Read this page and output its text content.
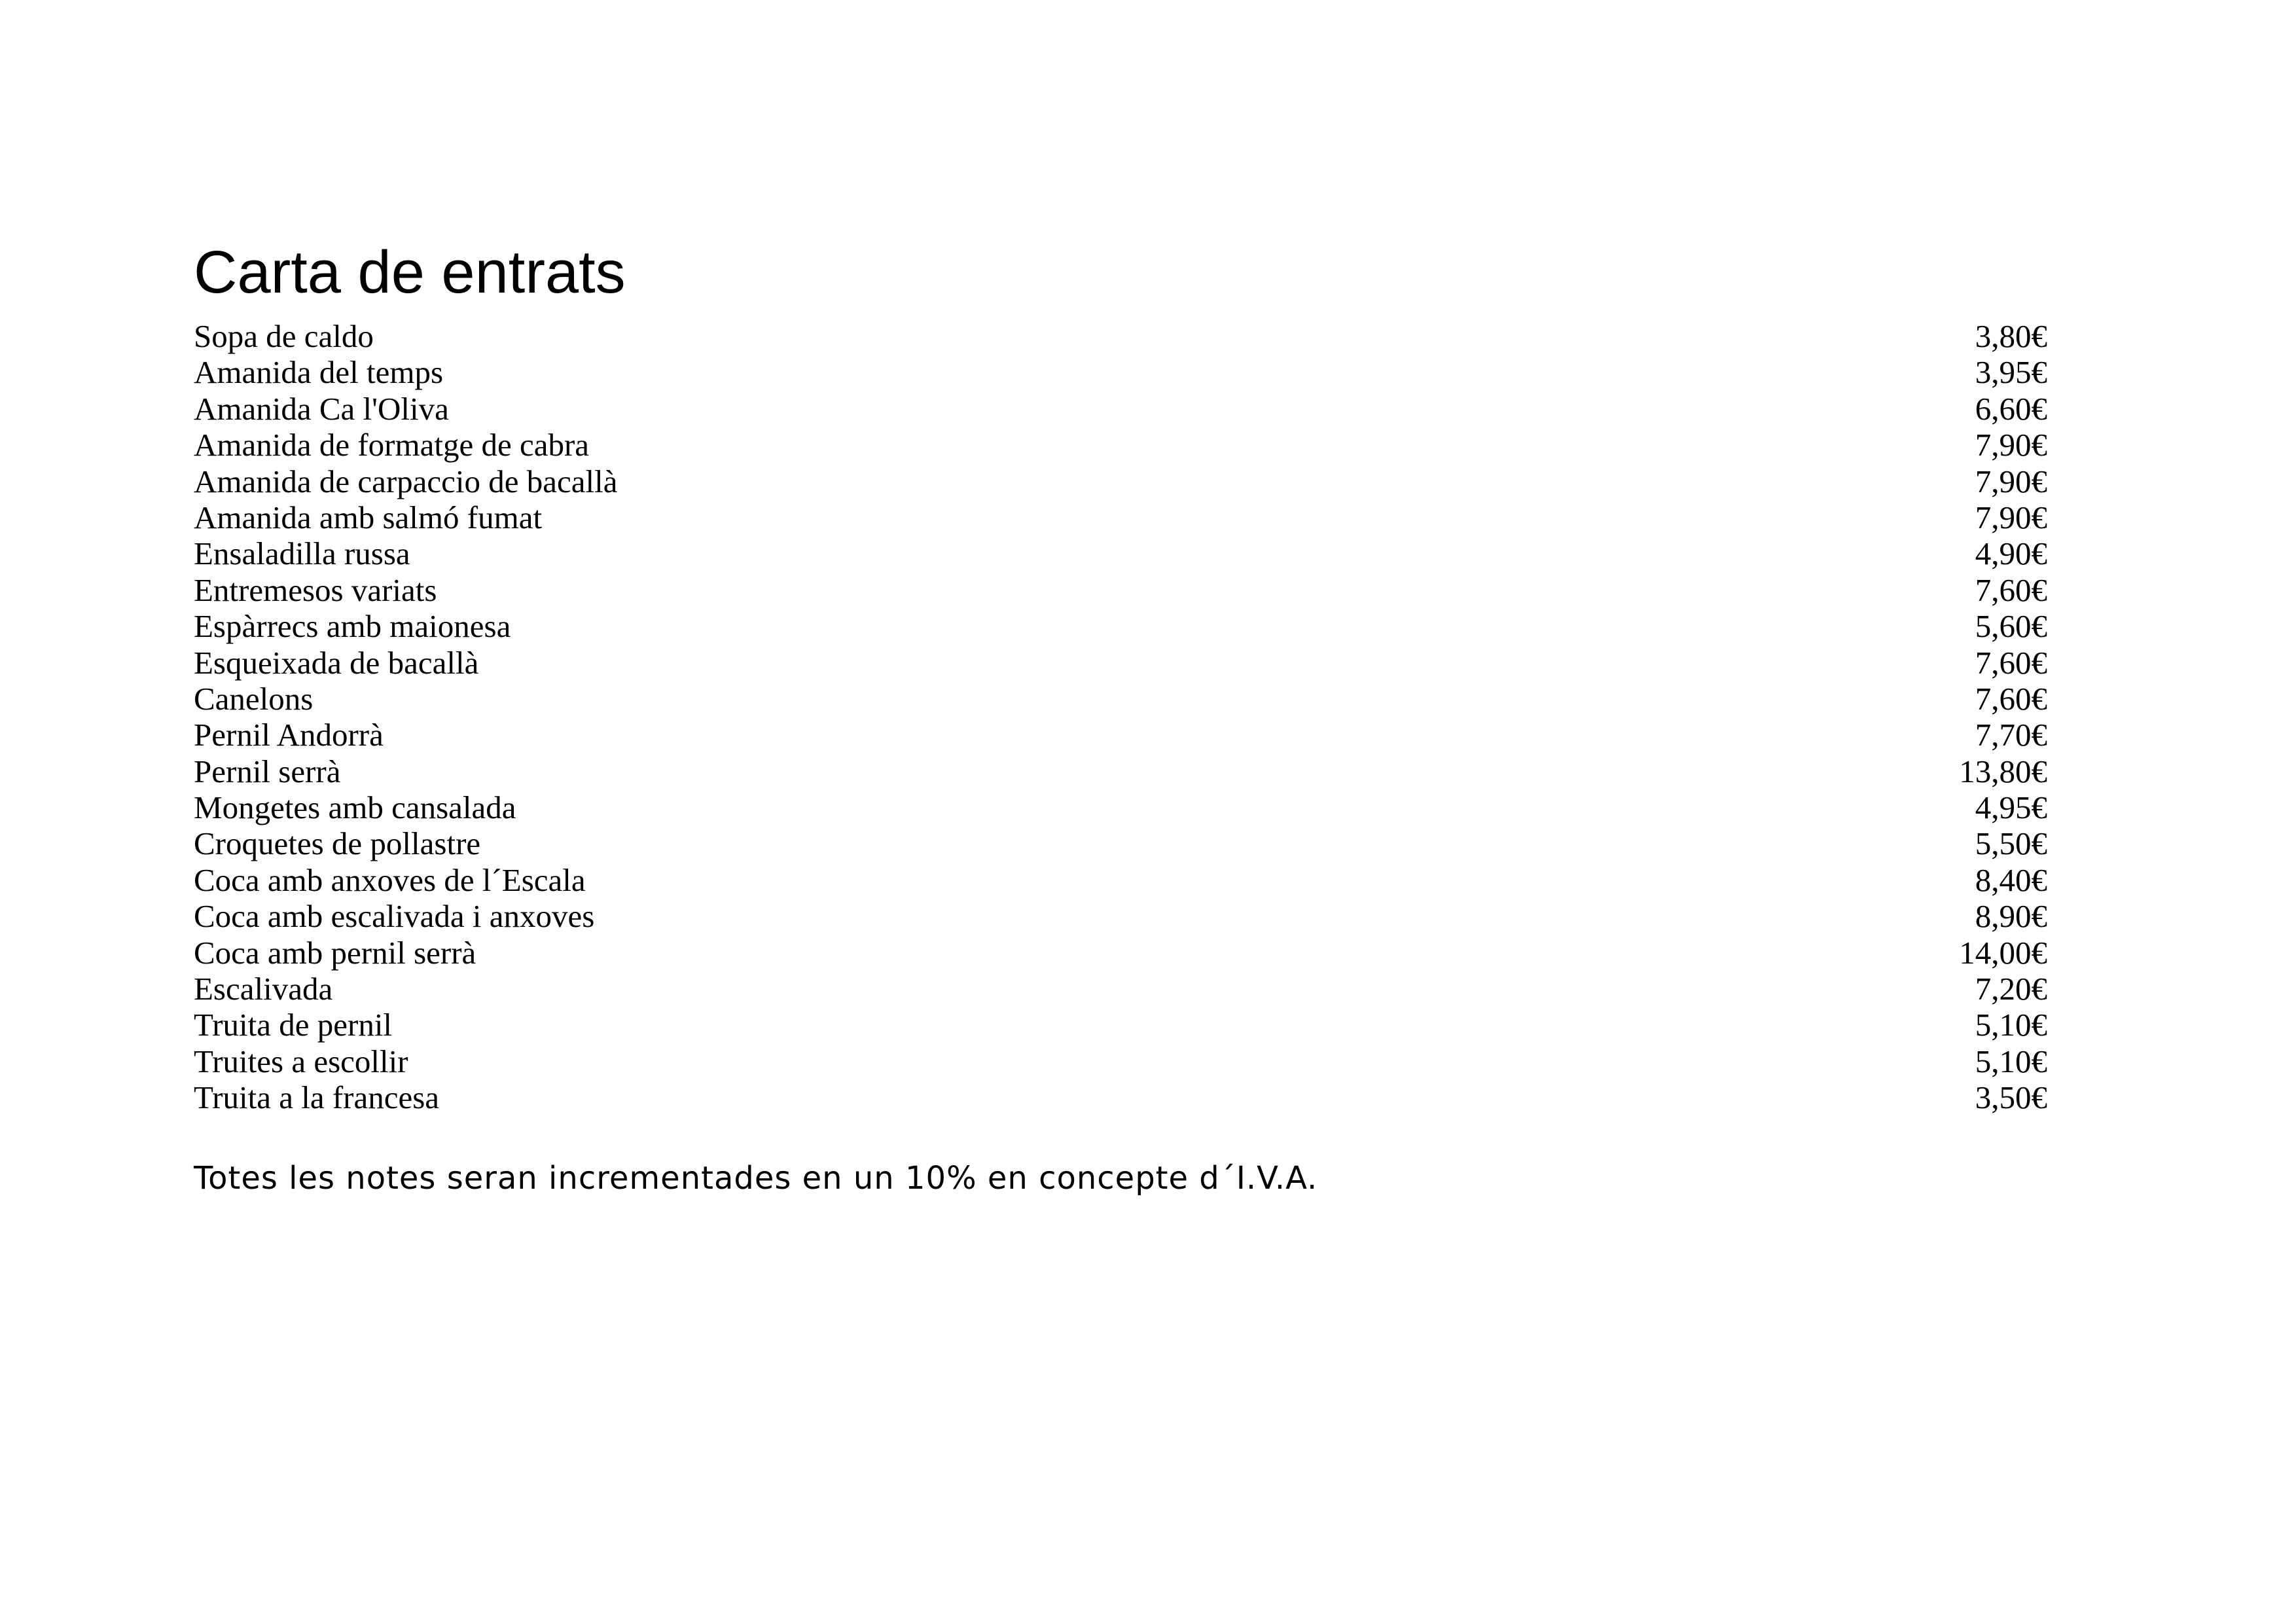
Carta de entrats
Sopa de caldo	3,80€
Amanida del temps	3,95€
Amanida Ca l'Oliva	6,60€
Amanida de formatge de cabra	7,90€
Amanida de carpaccio de bacallà	7,90€
Amanida amb salmó fumat	7,90€
Ensaladilla russa	4,90€
Entremesos variats	7,60€
Espàrrecs amb maionesa	5,60€
Esqueixada de bacallà	7,60€
Canelons	7,60€
Pernil Andorrà	7,70€
Pernil serrà	13,80€
Mongetes amb cansalada	4,95€
Croquetes de pollastre	5,50€
Coca amb anxoves de l´Escala	8,40€
Coca amb escalivada i anxoves	8,90€
Coca amb pernil serrà	14,00€
Escalivada	7,20€
Truita de pernil	5,10€
Truites a escollir	5,10€
Truita a la francesa	3,50€

Totes les notes seran incrementades en un 10% en concepte d´I.V.A.
